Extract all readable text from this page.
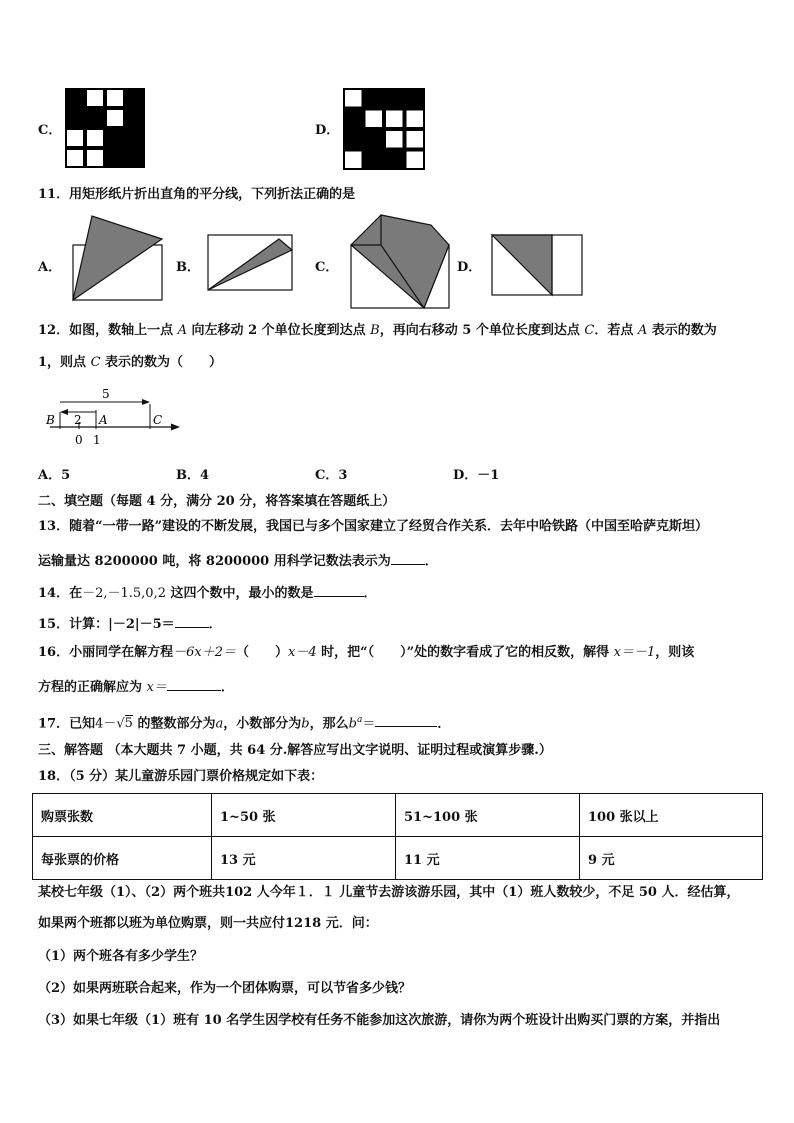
C．	D．
11．用矩形纸片折出直角的平分线，下列折法正确的是
A．	B．	C．	D．
12．如图，数轴上一点 A 向左移动 2 个单位长度到达点 B，再向右移动 5 个单位长度到达点 C．若点 A 表示的数为
1，则点 C 表示的数为（　　）
5
2
B	A	C
0 1
A．5	B．4	C．3	D．－1
二、填空题（每题 4 分，满分 20 分，将答案填在答题纸上）
13．随着“一带一路”建设的不断发展，我国已与多个国家建立了经贸合作关系．去年中哈铁路（中国至哈萨克斯坦）
运输量达 8200000 吨，将 8200000 用科学记数法表示为	．
14．在－2,－1.5,0,2 这四个数中，最小的数是	．
15．计算：|－2|－5＝	．
16．小丽同学在解方程－6x＋2＝（　　）x－4 时，把“（　　）”处的数字看成了它的相反数，解得 x＝－1，则该
方程的正确解应为 x＝	．
17．已知4－√5 的整数部分为a，小数部分为b，那么$b^a=$	．
三、解答题 （本大题共 7 小题，共 64 分.解答应写出文字说明、证明过程或演算步骤.）
18．（5 分）某儿童游乐园门票价格规定如下表：
购票张数	1~50 张	51~100 张	100 张以上
每张票的价格	13 元	11 元	9 元
某校七年级（1）、（2）两个班共102 人今年１．１ 儿童节去游该游乐园，其中（1）班人数较少，不足 50 人．经估算，
如果两个班都以班为单位购票，则一共应付1218 元．问：
（1）两个班各有多少学生？
（2）如果两班联合起来，作为一个团体购票，可以节省多少钱？
（3）如果七年级（1）班有 10 名学生因学校有任务不能参加这次旅游，请你为两个班设计出购买门票的方案，并指出
